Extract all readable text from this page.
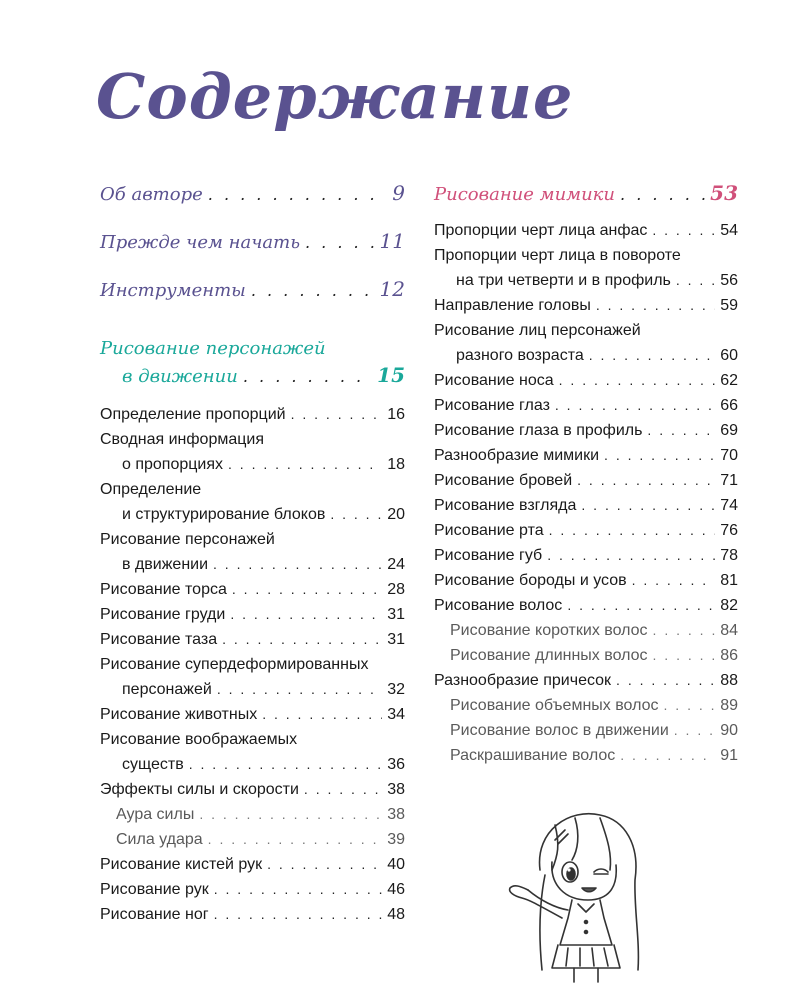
Содержание
Об авторе . . .	9
Прежде чем начать . . .	11
Инструменты . . .	12
Рисование персонажей
в движении . . .	15
Определение пропорций . . .	16
Сводная информация
о пропорциях . . .	18
Определение
и структурирование блоков . . .	20
Рисование персонажей
в движении . . .	24
Рисование торса . . .	28
Рисование груди . . .	31
Рисование таза . . .	31
Рисование супердеформированных
персонажей . . .	32
Рисование животных . . .	34
Рисование воображаемых
существ . . .	36
Эффекты силы и скорости . . .	38
Аура силы . . .	38
Сила удара . . .	39
Рисование кистей рук . . .	40
Рисование рук . . .	46
Рисование ног . . .	48
Рисование мимики . . .	53
Пропорции черт лица анфас . . .	54
Пропорции черт лица в повороте
на три четверти и в профиль . . .	56
Направление головы . . .	59
Рисование лиц персонажей
разного возраста . . .	60
Рисование носа . . .	62
Рисование глаз . . .	66
Рисование глаза в профиль . . .	69
Разнообразие мимики . . .	70
Рисование бровей . . .	71
Рисование взгляда . . .	74
Рисование рта . . .	76
Рисование губ . . .	78
Рисование бороды и усов . . .	81
Рисование волос . . .	82
Рисование коротких волос . . .	84
Рисование длинных волос . . .	86
Разнообразие причесок . . .	88
Рисование объемных волос . . .	89
Рисование волос в движении . . .	90
Раскрашивание волос . . .	91
